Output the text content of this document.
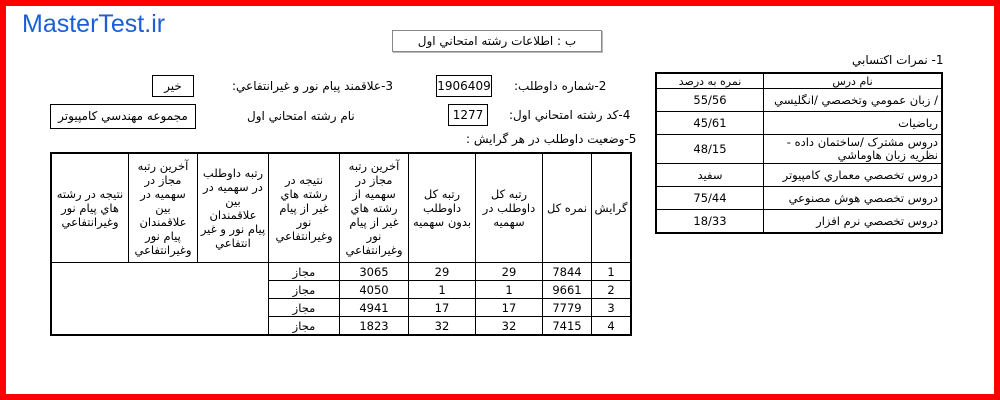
MasterTest.ir
ب : اطلاعات رشته امتحاني اول
خير	3-علاقمند پيام نور و غيرانتفاعي:	1906409 2-شماره داوطلب:
مجموعه مهندسي کامپيوتر	نام رشته امتحاني اول	1277	4-کد رشته امتحاني اول:
5-وضعيت داوطلب در هر گرايش :
1- نمرات اکتسابي
نام درس	نمره به درصد
/ زبان عمومي وتخصصي /انگليسي	55/56
رياضيات	45/61
دروس مشترک /ساختمان داده - نظريه زبان هاوماشي	48/15
دروس تخصصي معماري کامپيوتر	سفيد
دروس تخصصي هوش مصنوعي	75/44
دروس تخصصي نرم افزار	18/33
گرايش	نمره کل	رتبه کل داوطلب در سهميه	رتبه کل داوطلب بدون سهميه	آخرين رتبه مجاز در سهميه از رشته هاي غير از پيام نور وغيرانتفاعي	نتيجه در رشته هاي غير از پيام نور وغيرانتفاعي	رتبه داوطلب در سهميه در بين علاقمندان پيام نور و غير انتفاعي	آخرين رتبه مجاز در سهميه در بين علاقمندان پيام نور وغيرانتفاعي	نتيجه در رشته هاي پيام نور وغيرانتفاعي
1	7844	29	29	3065	مجاز			
2	9661	1	1	4050	مجاز			
3	7779	17	17	4941	مجاز			
4	7415	32	32	1823	مجاز			
